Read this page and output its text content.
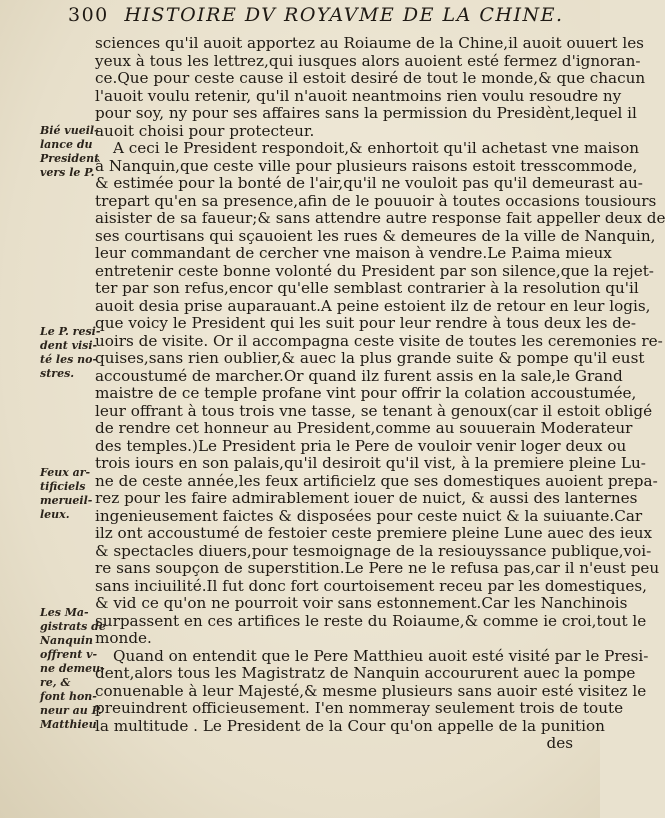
300 HISTOIRE DV ROYAVME DE LA CHINE.
sciences qu'il auoit apportez au Roiaume de la Chine,il auoit ouuert les
yeux à tous les lettrez,qui iusques alors auoient esté fermez d'ignoran-
ce.Que pour ceste cause il estoit desiré de tout le monde,& que chacun
l'auoit voulu retenir, qu'il n'auoit neantmoins rien voulu resoudre ny
pour soy, ny pour ses affaires sans la permission du Presidènt,lequel il
auoit choisi pour protecteur.
A ceci le President respondoit,& enhortoit qu'il achetast vne maison
à Nanquin,que ceste ville pour plusieurs raisons estoit tresscommode,
& estimée pour la bonté de l'air,qu'il ne vouloit pas qu'il demeurast au-
trepart qu'en sa presence,afin de le pouuoir à toutes occasions tousiours
aisister de sa faueur;& sans attendre autre response fait appeller deux de
ses courtisans qui sçauoient les rues & demeures de la ville de Nanquin,
leur commandant de cercher vne maison à vendre.Le P.aima mieux
entretenir ceste bonne volonté du President par son silence,que la rejet-
ter par son refus,encor qu'elle semblast contrarier à la resolution qu'il
auoit desia prise auparauant.A peine estoient ilz de retour en leur logis,
que voicy le President qui les suit pour leur rendre à tous deux les de-
uoirs de visite. Or il accompagna ceste visite de toutes les ceremonies re-
quises,sans rien oublier,& auec la plus grande suite & pompe qu'il eust
accoustumé de marcher.Or quand ilz furent assis en la sale,le Grand
maistre de ce temple profane vint pour offrir la colation accoustumée,
leur offrant à tous trois vne tasse, se tenant à genoux(car il estoit obligé
de rendre cet honneur au President,comme au souuerain Moderateur
des temples.)Le President pria le Pere de vouloir venir loger deux ou
trois iours en son palais,qu'il desiroit qu'il vist, à la premiere pleine Lu-
ne de ceste année,les feux artificielz que ses domestiques auoient prepa-
rez pour les faire admirablement iouer de nuict, & aussi des lanternes
ingenieusement faictes & disposées pour ceste nuict & la suiuante.Car
ilz ont accoustumé de festoier ceste premiere pleine Lune auec des ieux
& spectacles diuers,pour tesmoignage de la resiouyssance publique,voi-
re sans soupçon de superstition.Le Pere ne le refusa pas,car il n'eust peu
sans inciuilité.Il fut donc fort courtoisement receu par les domestiques,
& vid ce qu'on ne pourroit voir sans estonnement.Car les Nanchinois
surpassent en ces artifices le reste du Roiaume,& comme ie croi,tout le
monde.
Quand on entendit que le Pere Matthieu auoit esté visité par le Presi-
dent,alors tous les Magistratz de Nanquin accoururent auec la pompe
conuenable à leur Majesté,& mesme plusieurs sans auoir esté visitez le
preuindrent officieusement. I'en nommeray seulement trois de toute
la multitude . Le President de la Cour qu'on appelle de la punition
des
Bié vueil-
lance du
President
vers le P.
Le P. resi-
dent visi-
té les no-
stres.
Feux ar-
tificiels
merueil-
leux.
Les Ma-
gistrats de
Nanquin
offrent v-
ne demeu-
re, &
font hon-
neur au P.
Matthieu
